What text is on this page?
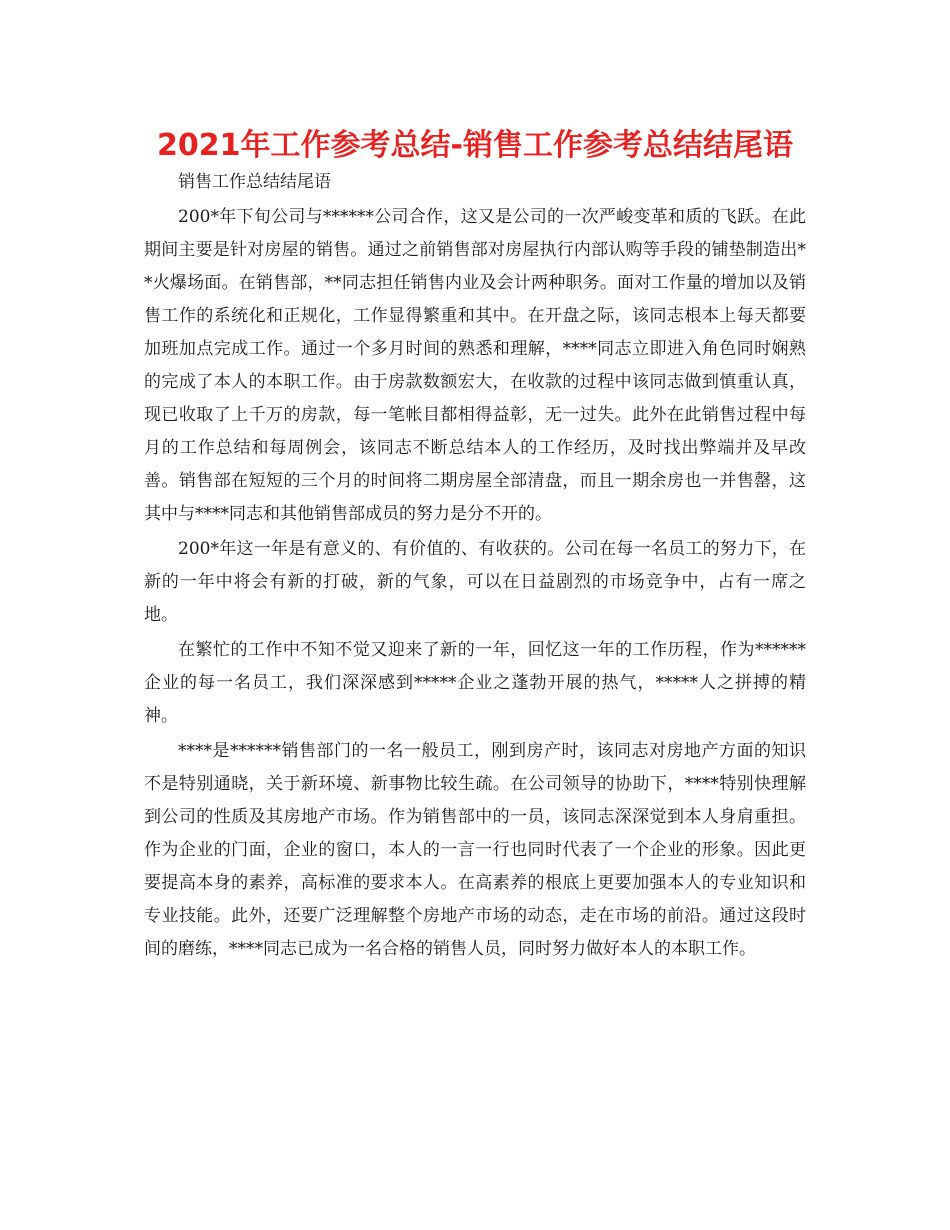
2021年工作参考总结-销售工作参考总结结尾语

销售工作总结结尾语

200*年下旬公司与******公司合作，这又是公司的一次严峻变革和质的飞跃。在此期间主要是针对房屋的销售。通过之前销售部对房屋执行内部认购等手段的铺垫制造出**火爆场面。在销售部，**同志担任销售内业及会计两种职务。面对工作量的增加以及销售工作的系统化和正规化，工作显得繁重和其中。在开盘之际，该同志根本上每天都要加班加点完成工作。通过一个多月时间的熟悉和理解，****同志立即进入角色同时娴熟的完成了本人的本职工作。由于房款数额宏大，在收款的过程中该同志做到慎重认真，现已收取了上千万的房款，每一笔帐目都相得益彰，无一过失。此外在此销售过程中每月的工作总结和每周例会，该同志不断总结本人的工作经历，及时找出弊端并及早改善。销售部在短短的三个月的时间将二期房屋全部清盘，而且一期余房也一并售罄，这其中与****同志和其他销售部成员的努力是分不开的。

200*年这一年是有意义的、有价值的、有收获的。公司在每一名员工的努力下，在新的一年中将会有新的打破，新的气象，可以在日益剧烈的市场竞争中，占有一席之地。

在繁忙的工作中不知不觉又迎来了新的一年，回忆这一年的工作历程，作为******企业的每一名员工，我们深深感到*****企业之蓬勃开展的热气，*****人之拼搏的精神。

****是******销售部门的一名一般员工，刚到房产时，该同志对房地产方面的知识不是特别通晓，关于新环境、新事物比较生疏。在公司领导的协助下，****特别快理解到公司的性质及其房地产市场。作为销售部中的一员，该同志深深觉到本人身肩重担。作为企业的门面，企业的窗口，本人的一言一行也同时代表了一个企业的形象。因此更要提高本身的素养，高标准的要求本人。在高素养的根底上更要加强本人的专业知识和专业技能。此外，还要广泛理解整个房地产市场的动态，走在市场的前沿。通过这段时间的磨练，****同志已成为一名合格的销售人员，同时努力做好本人的本职工作。
